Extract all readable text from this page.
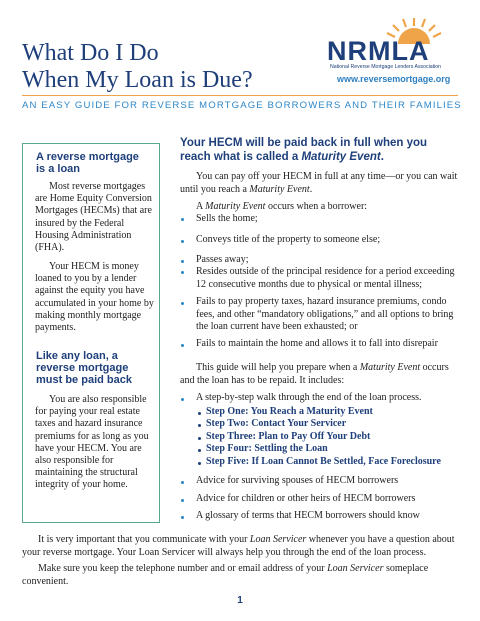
What Do I Do
When My Loan is Due?
NRMLA
National Reverse Mortgage Lenders Association
www.reversemortgage.org
AN EASY GUIDE FOR REVERSE MORTGAGE BORROWERS AND THEIR FAMILIES

A reverse mortgage is a loan

Most reverse mortgages are Home Equity Conversion Mortgages (HECMs) that are insured by the Federal Housing Administration (FHA).

Your HECM is money loaned to you by a lender against the equity you have accumulated in your home by making monthly mortgage payments.

Like any loan, a reverse mortgage must be paid back

You are also responsible for paying your real estate taxes and hazard insurance premiums for as long as you have your HECM. You are also responsible for maintaining the structural integrity of your home.

Your HECM will be paid back in full when you
reach what is called a Maturity Event.

You can pay off your HECM in full at any time—or you can wait until you reach a Maturity Event.

A Maturity Event occurs when a borrower:

Sells the home;
Conveys title of the property to someone else;
Passes away;
Resides outside of the principal residence for a period exceeding 12 consecutive months due to physical or mental illness;
Fails to pay property taxes, hazard insurance premiums, condo fees, and other “mandatory obligations,” and all options to bring the loan current have been exhausted; or
Fails to maintain the home and allows it to fall into disrepair

This guide will help you prepare when a Maturity Event occurs and the loan has to be repaid. It includes:

A step-by-step walk through the end of the loan process.
Step One: You Reach a Maturity Event
Step Two: Contact Your Servicer
Step Three: Plan to Pay Off Your Debt
Step Four: Settling the Loan
Step Five: If Loan Cannot Be Settled, Face Foreclosure
Advice for surviving spouses of HECM borrowers
Advice for children or other heirs of HECM borrowers
A glossary of terms that HECM borrowers should know

It is very important that you communicate with your Loan Servicer whenever you have a question about your reverse mortgage. Your Loan Servicer will always help you through the end of the loan process.

Make sure you keep the telephone number and or email address of your Loan Servicer someplace convenient.

1
